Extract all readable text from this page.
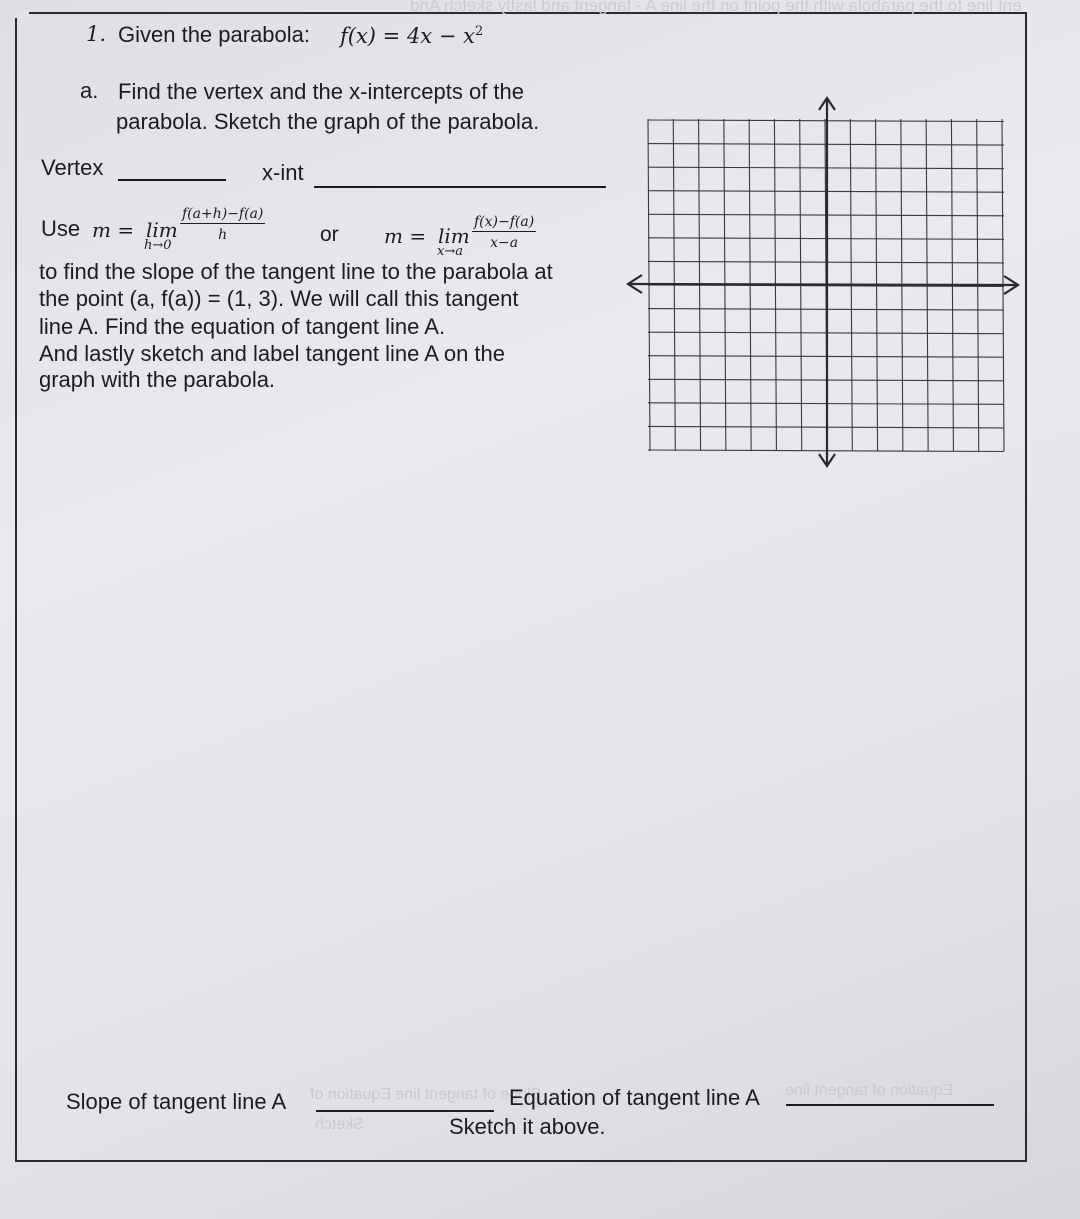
ent line to the parabola with the point on the line A - tangent and lastly sketch And
Slope of tangent line Equation of	Equation of tangent line
Sketch
1. Given the parabola: $f(x) = 4x - x^2$
a. Find the vertex and the x-intercepts of the
parabola. Sketch the graph of the parabola.
Vertex	x-int
Use m = lim
h→0
$\frac{f(a+h)-f(a)}{h}$	or m = lim
x→a
$\frac{f(x)-f(a)}{x-a}$
to find the slope of the tangent line to the parabola at
the point (a, f(a)) = (1, 3). We will call this tangent
line A. Find the equation of tangent line A.
And lastly sketch and label tangent line A on the
graph with the parabola.
Slope of tangent line A	Equation of tangent line A
Sketch it above.
